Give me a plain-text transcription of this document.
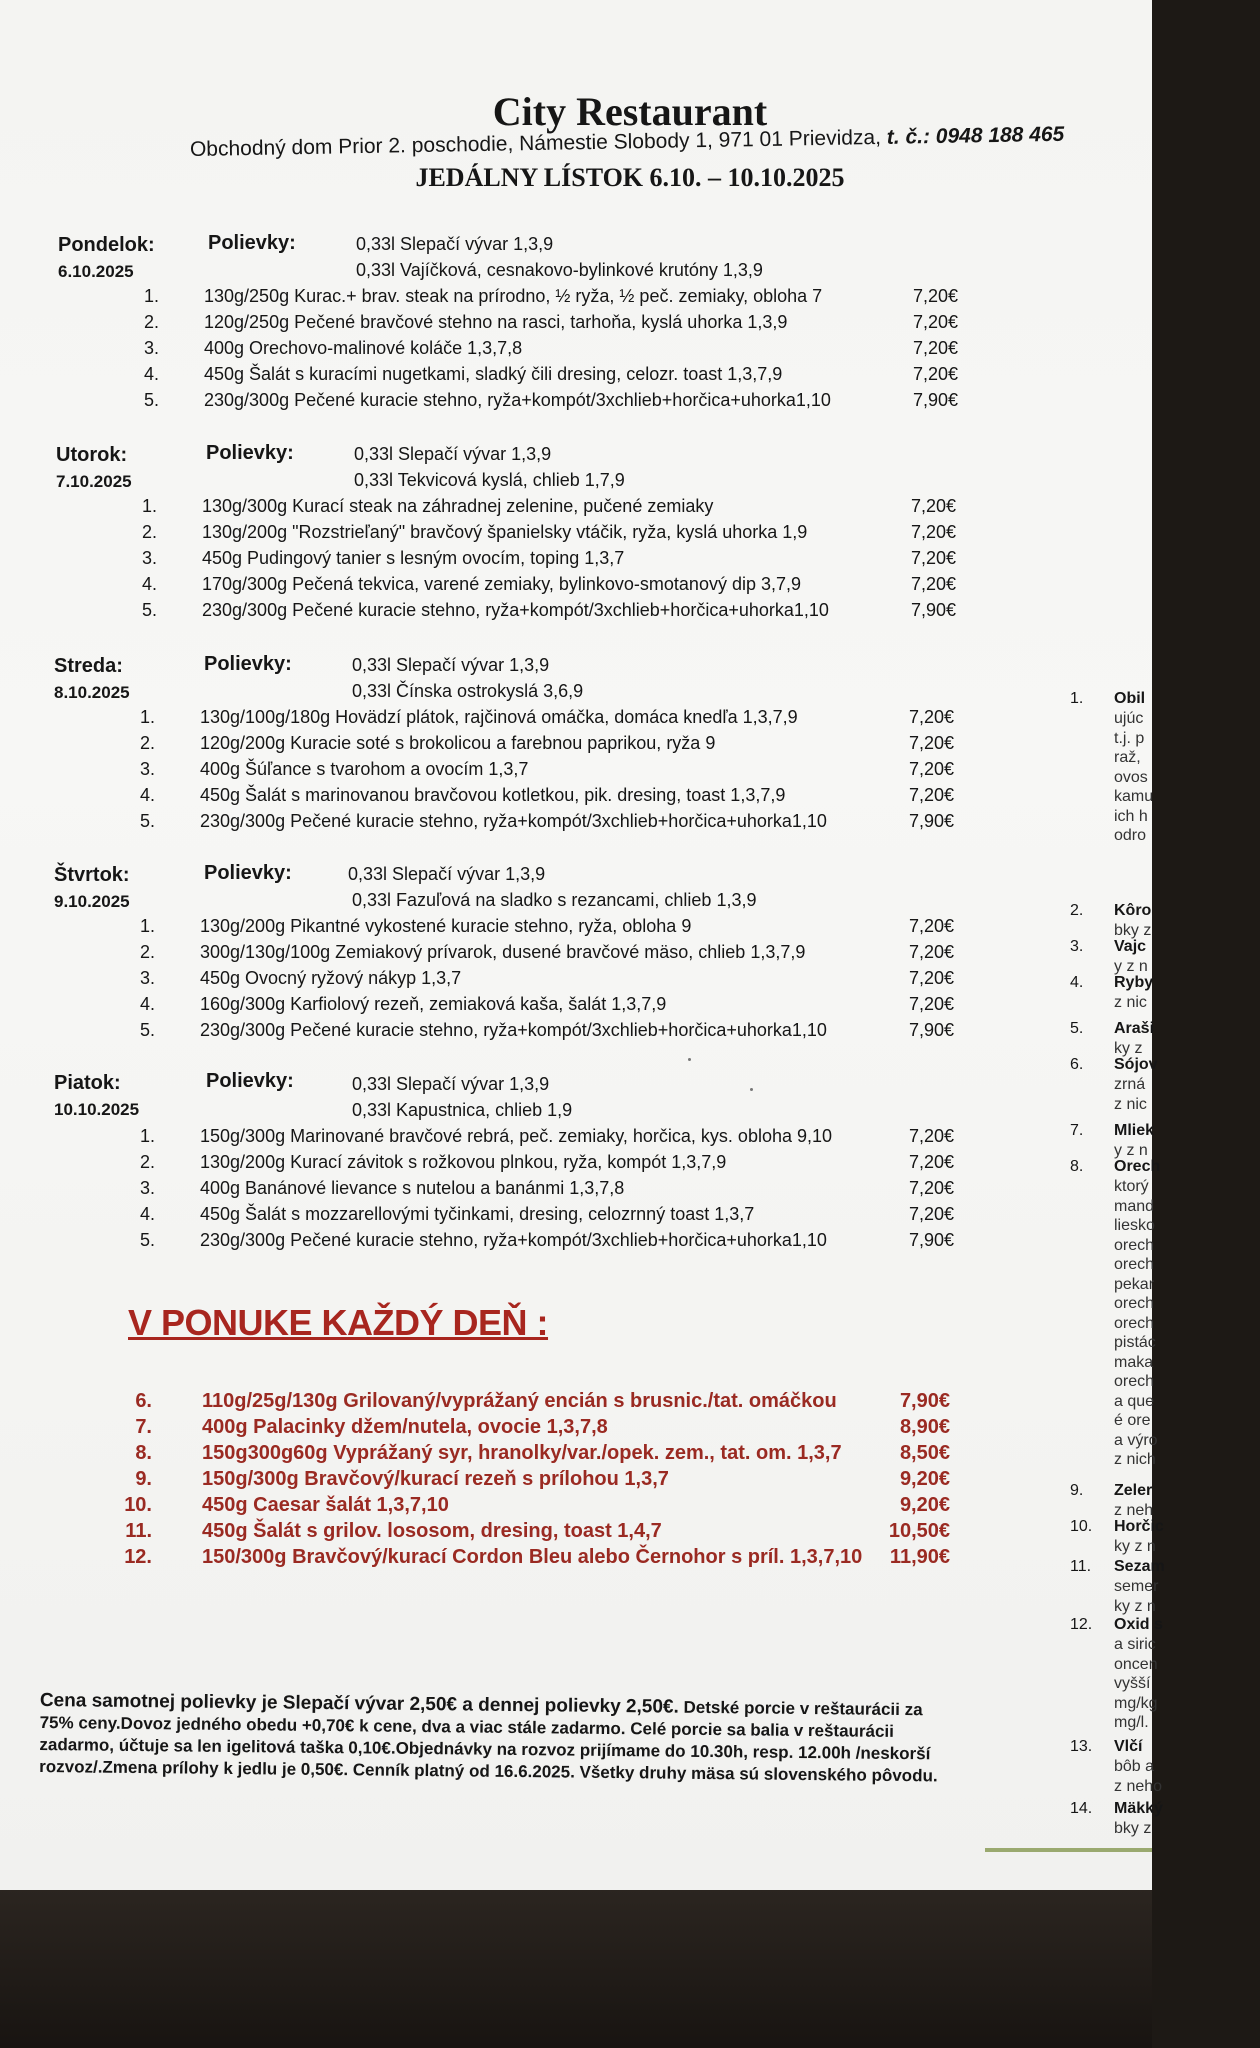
City Restaurant
Obchodný dom Prior 2. poschodie, Námestie Slobody 1, 971 01 Prievidza, t. č.: 0948 188 465
JEDÁLNY LÍSTOK 6.10. – 10.10.2025
Pondelok:
6.10.2025
Polievky:	0,33l Slepačí vývar 1,3,9
0,33l Vajíčková, cesnakovo-bylinkové krutóny 1,3,9
1.	130g/250g Kurac.+ brav. steak na prírodno, ½ ryža, ½ peč. zemiaky, obloha 7	7,20€
2.	120g/250g Pečené bravčové stehno na rasci, tarhoňa, kyslá uhorka 1,3,9	7,20€
3.	400g Orechovo-malinové koláče 1,3,7,8	7,20€
4.	450g Šalát s kuracími nugetkami, sladký čili dresing, celozr. toast 1,3,7,9	7,20€
5.	230g/300g Pečené kuracie stehno, ryža+kompót/3xchlieb+horčica+uhorka1,10	7,90€
Utorok:
7.10.2025
Polievky:	0,33l Slepačí vývar 1,3,9
0,33l Tekvicová kyslá, chlieb 1,7,9
1.	130g/300g Kurací steak na záhradnej zelenine, pučené zemiaky	7,20€
2.	130g/200g "Rozstrieľaný" bravčový španielsky vtáčik, ryža, kyslá uhorka 1,9	7,20€
3.	450g Pudingový tanier s lesným ovocím, toping 1,3,7	7,20€
4.	170g/300g Pečená tekvica, varené zemiaky, bylinkovo-smotanový dip 3,7,9	7,20€
5.	230g/300g Pečené kuracie stehno, ryža+kompót/3xchlieb+horčica+uhorka1,10	7,90€
Streda:
8.10.2025
Polievky:	0,33l Slepačí vývar 1,3,9
0,33l Čínska ostrokyslá 3,6,9
1.	130g/100g/180g Hovädzí plátok, rajčinová omáčka, domáca knedľa 1,3,7,9	7,20€
2.	120g/200g Kuracie soté s brokolicou a farebnou paprikou, ryža 9	7,20€
3.	400g Šúľance s tvarohom a ovocím 1,3,7	7,20€
4.	450g Šalát s marinovanou bravčovou kotletkou, pik. dresing, toast 1,3,7,9	7,20€
5.	230g/300g Pečené kuracie stehno, ryža+kompót/3xchlieb+horčica+uhorka1,10	7,90€
Štvrtok:
9.10.2025
Polievky:	0,33l Slepačí vývar 1,3,9
0,33l Fazuľová na sladko s rezancami, chlieb 1,3,9
1.	130g/200g Pikantné vykostené kuracie stehno, ryža, obloha 9	7,20€
2.	300g/130g/100g Zemiakový prívarok, dusené bravčové mäso, chlieb 1,3,7,9	7,20€
3.	450g Ovocný ryžový nákyp 1,3,7	7,20€
4.	160g/300g Karfiolový rezeň, zemiaková kaša, šalát 1,3,7,9	7,20€
5.	230g/300g Pečené kuracie stehno, ryža+kompót/3xchlieb+horčica+uhorka1,10	7,90€
Piatok:
10.10.2025
Polievky:	0,33l Slepačí vývar 1,3,9
0,33l Kapustnica, chlieb 1,9
1.	150g/300g Marinované bravčové rebrá, peč. zemiaky, horčica, kys. obloha 9,10	7,20€
2.	130g/200g Kurací závitok s rožkovou plnkou, ryža, kompót 1,3,7,9	7,20€
3.	400g Banánové lievance s nutelou a banánmi 1,3,7,8	7,20€
4.	450g Šalát s mozzarellovými tyčinkami, dresing, celozrnný toast 1,3,7	7,20€
5.	230g/300g Pečené kuracie stehno, ryža+kompót/3xchlieb+horčica+uhorka1,10	7,90€
V PONUKE KAŽDÝ DEŇ :
6.	110g/25g/130g Grilovaný/vyprážaný encián s brusnic./tat. omáčkou	7,90€
7.	400g Palacinky džem/nutela, ovocie 1,3,7,8	8,90€
8.	150g300g60g Vyprážaný syr, hranolky/var./opek. zem., tat. om. 1,3,7	8,50€
9.	150g/300g Bravčový/kurací rezeň s prílohou 1,3,7	9,20€
10.	450g Caesar šalát 1,3,7,10	9,20€
11.	450g Šalát s grilov. lososom, dresing, toast 1,4,7	10,50€
12.	150/300g Bravčový/kurací Cordon Bleu alebo Černohor s príl. 1,3,7,10 11,90€
Cena samotnej polievky je Slepačí vývar 2,50€ a dennej polievky 2,50€. Detské porcie v reštaurácii za 75% ceny.Dovoz jedného obedu +0,70€ k cene, dva a viac stále zadarmo. Celé porcie sa balia v reštaurácii zadarmo, účtuje sa len igelitová taška 0,10€.Objednávky na rozvoz prijímame do 10.30h, resp. 12.00h /neskorší rozvoz/.Zmena prílohy k jedlu je 0,50€. Cenník platný od 16.6.2025. Všetky druhy mäsa sú slovenského pôvodu.
1. Obil
ujúc
t.j. p
raž,
ovos
kamu
ich h
odro
2. Kôro
bky z
3. Vajc
y z n
4. Ryby
z nic
5. Araši
ky z
6. Sójov
zrná
z nic
7. Mliek
y z n
8. Orech
ktorý
mand
liesko
orech
orech
pekar
orech
orech
pistác
maka
orech
a que
é ore
a výro
z nich
9. Zeler
z neh
10. Horčic
ky z n
11. Sezam
semer
ky z n
12. Oxid s
a siric
oncen
vyšší
mg/kg
mg/l.
13. Vlčí
bôb a
z neho
14. Mäkký
bky z
